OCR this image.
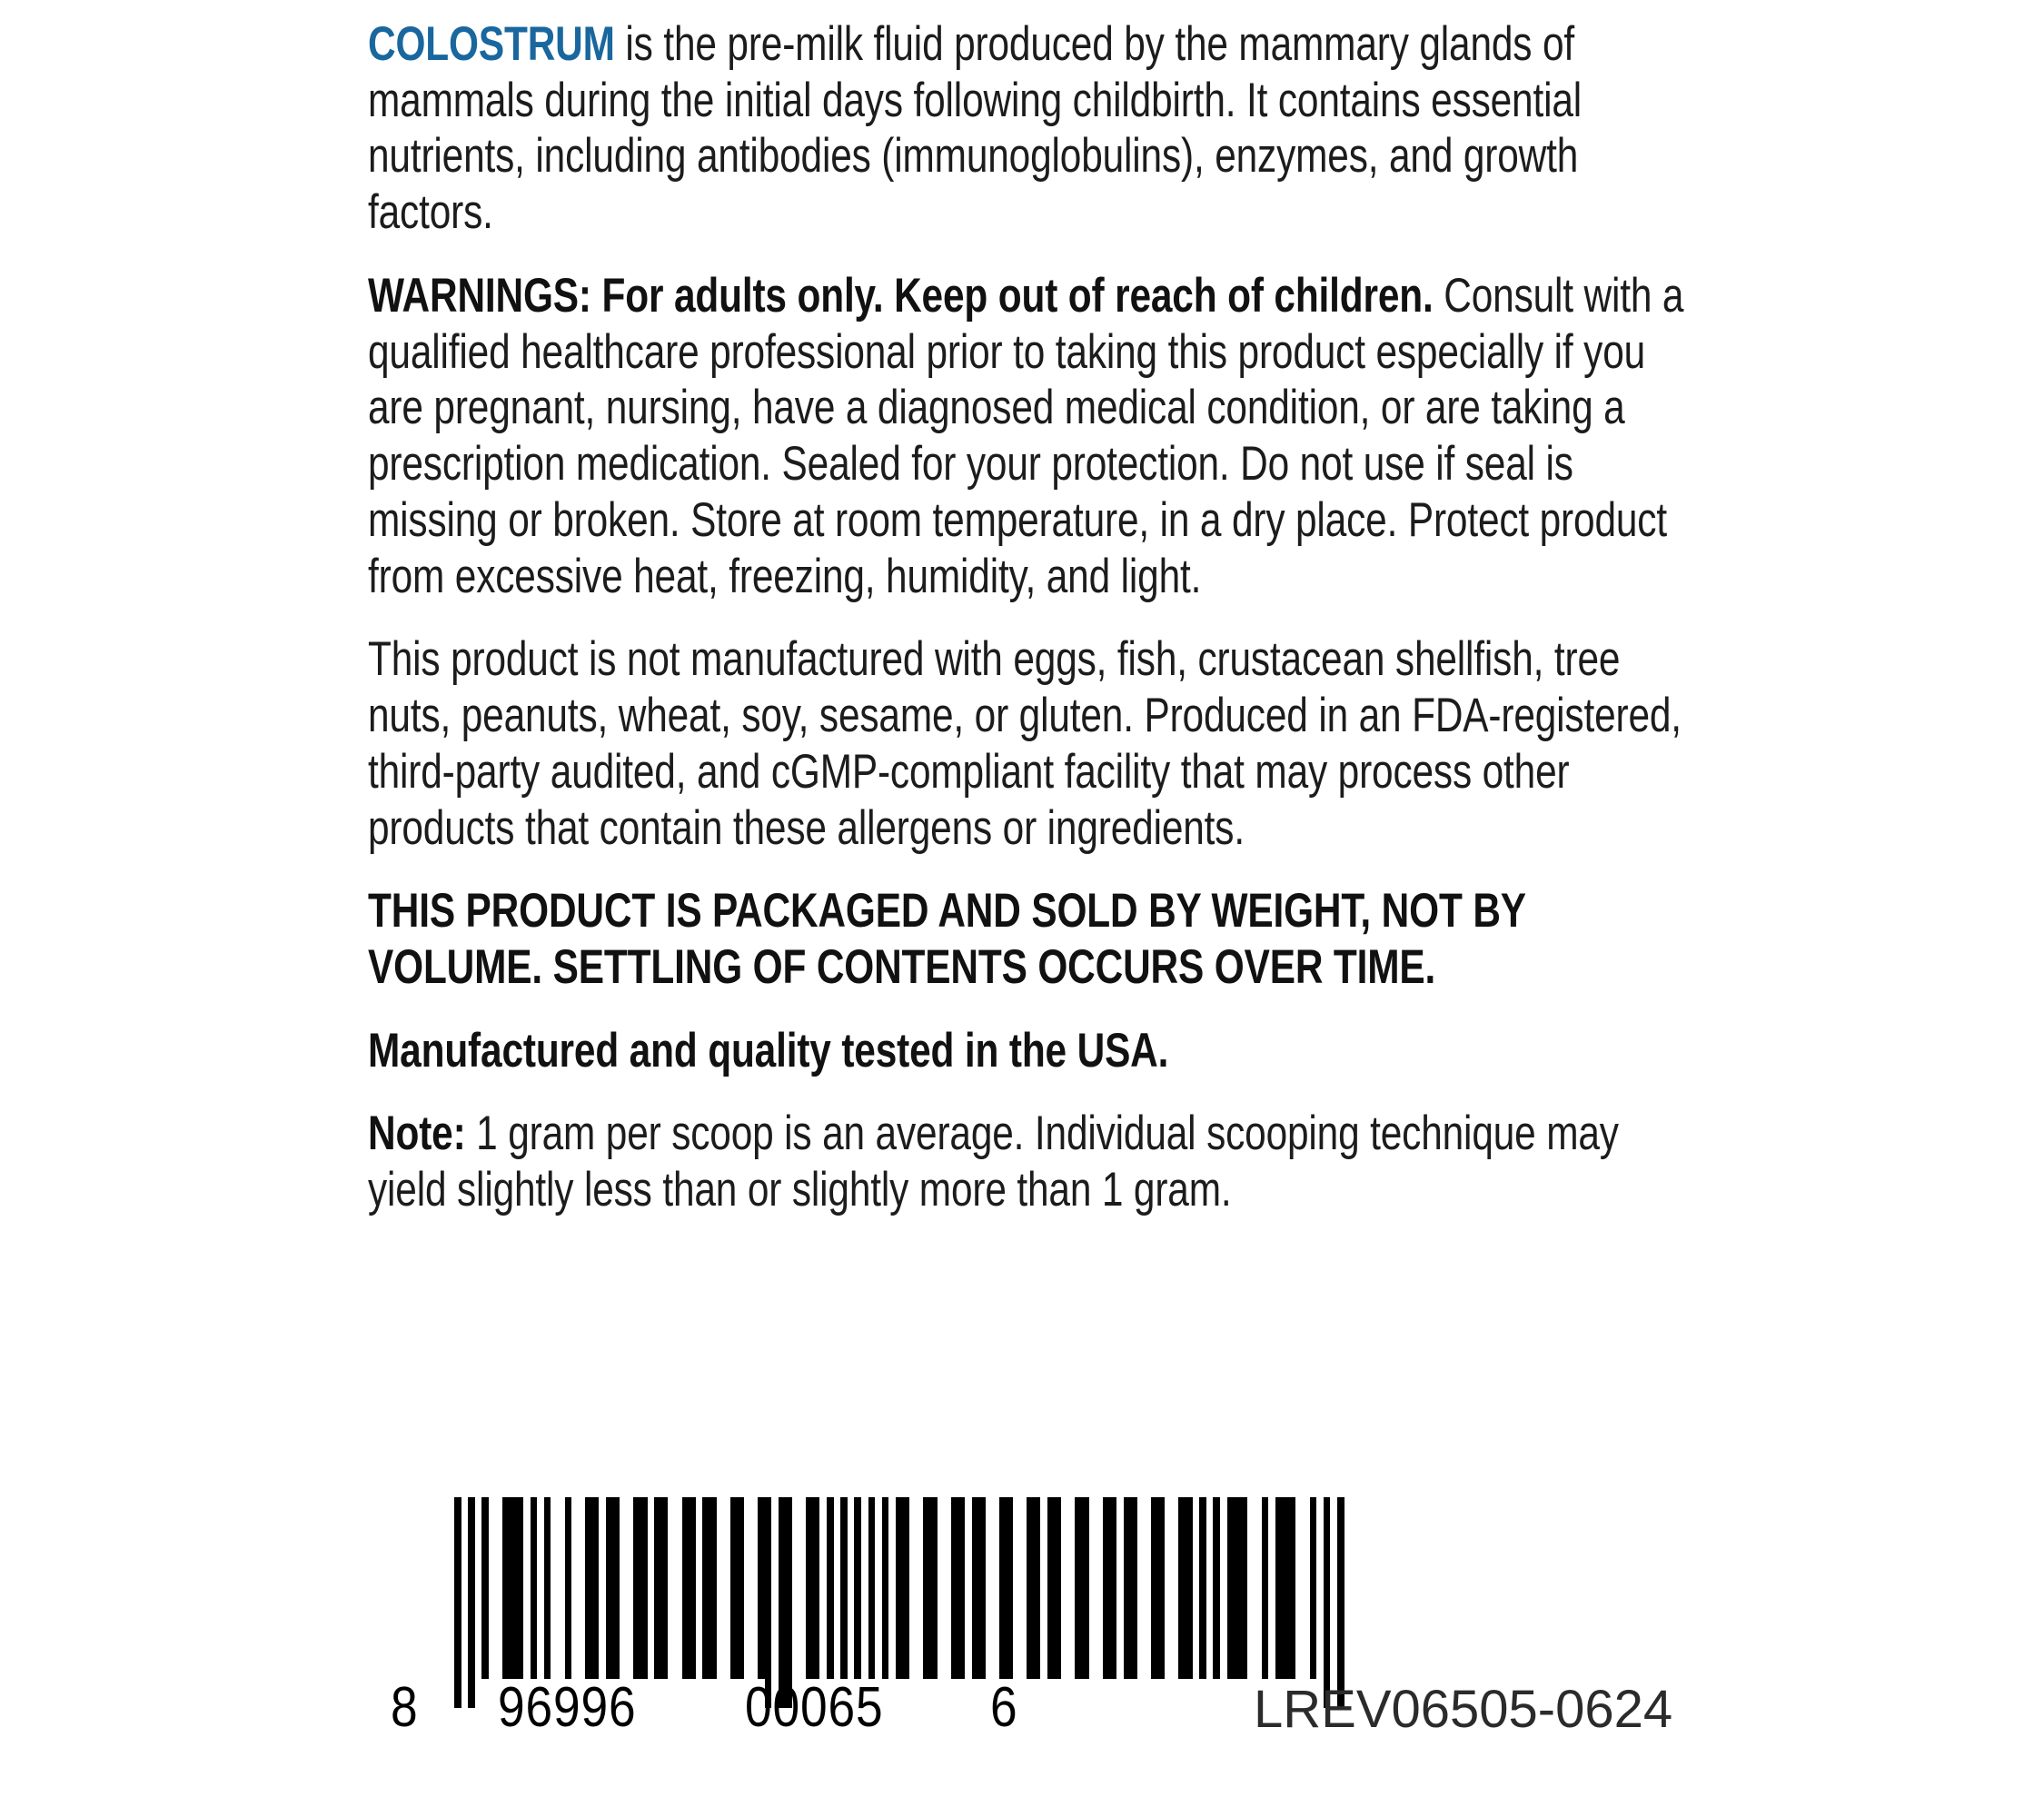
COLOSTRUM is the pre-milk fluid produced by the mammary glands of mammals during the initial days following childbirth. It contains essential nutrients, including antibodies (immunoglobulins), enzymes, and growth factors.

WARNINGS: For adults only. Keep out of reach of children. Consult with a qualified healthcare professional prior to taking this product especially if you are pregnant, nursing, have a diagnosed medical condition, or are taking a prescription medication. Sealed for your protection. Do not use if seal is missing or broken. Store at room temperature, in a dry place. Protect product from excessive heat, freezing, humidity, and light.

This product is not manufactured with eggs, fish, crustacean shellfish, tree nuts, peanuts, wheat, soy, sesame, or gluten. Produced in an FDA-registered, third-party audited, and cGMP-compliant facility that may process other products that contain these allergens or ingredients.

THIS PRODUCT IS PACKAGED AND SOLD BY WEIGHT, NOT BY VOLUME. SETTLING OF CONTENTS OCCURS OVER TIME.

Manufactured and quality tested in the USA.

Note: 1 gram per scoop is an average. Individual scooping technique may yield slightly less than or slightly more than 1 gram.

8 96996 00065 6	LREV06505-0624
